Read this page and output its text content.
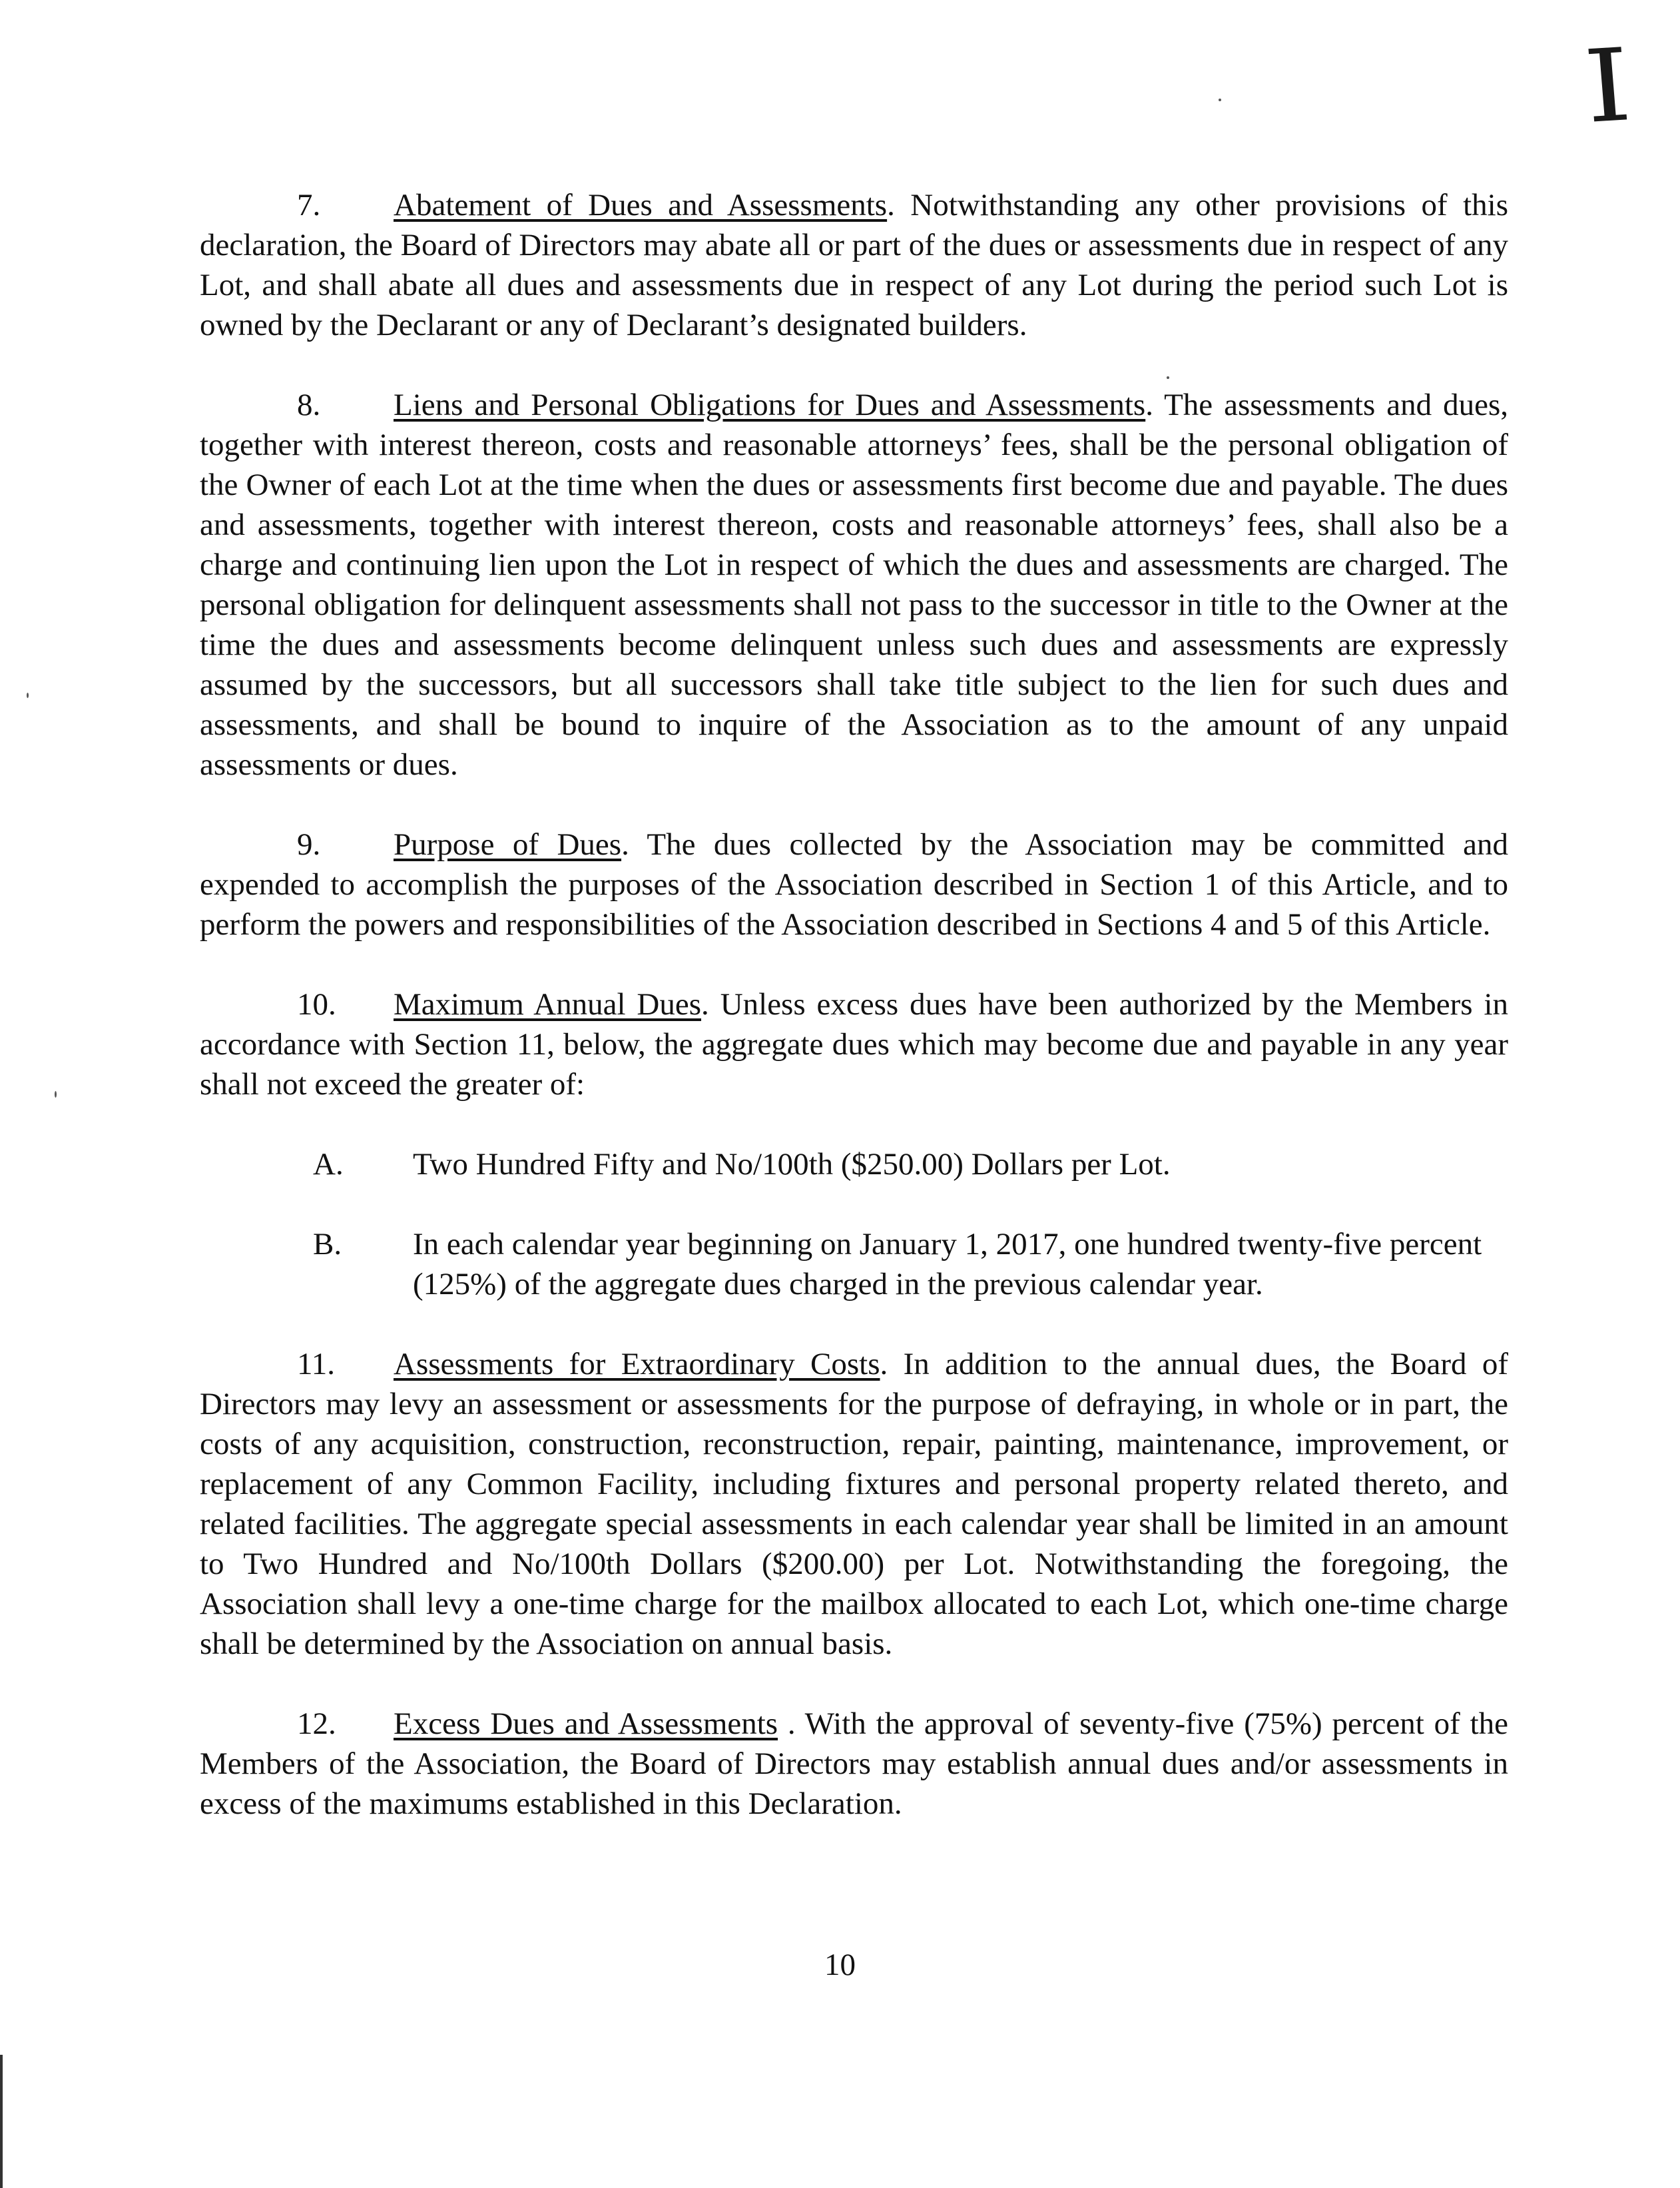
I

7. Abatement of Dues and Assessments. Notwithstanding any other provisions of this declaration, the Board of Directors may abate all or part of the dues or assessments due in respect of any Lot, and shall abate all dues and assessments due in respect of any Lot during the period such Lot is owned by the Declarant or any of Declarant’s designated builders.

8. Liens and Personal Obligations for Dues and Assessments. The assessments and dues, together with interest thereon, costs and reasonable attorneys’ fees, shall be the personal obligation of the Owner of each Lot at the time when the dues or assessments first become due and payable. The dues and assessments, together with interest thereon, costs and reasonable attorneys’ fees, shall also be a charge and continuing lien upon the Lot in respect of which the dues and assessments are charged. The personal obligation for delinquent assessments shall not pass to the successor in title to the Owner at the time the dues and assessments become delinquent unless such dues and assessments are expressly assumed by the successors, but all successors shall take title subject to the lien for such dues and assessments, and shall be bound to inquire of the Association as to the amount of any unpaid assessments or dues.

9. Purpose of Dues. The dues collected by the Association may be committed and expended to accomplish the purposes of the Association described in Section 1 of this Article, and to perform the powers and responsibilities of the Association described in Sections 4 and 5 of this Article.

10. Maximum Annual Dues. Unless excess dues have been authorized by the Members in accordance with Section 11, below, the aggregate dues which may become due and payable in any year shall not exceed the greater of:

A. Two Hundred Fifty and No/100th ($250.00) Dollars per Lot.
B. In each calendar year beginning on January 1, 2017, one hundred twenty-five percent (125%) of the aggregate dues charged in the previous calendar year.

11. Assessments for Extraordinary Costs. In addition to the annual dues, the Board of Directors may levy an assessment or assessments for the purpose of defraying, in whole or in part, the costs of any acquisition, construction, reconstruction, repair, painting, maintenance, improvement, or replacement of any Common Facility, including fixtures and personal property related thereto, and related facilities. The aggregate special assessments in each calendar year shall be limited in an amount to Two Hundred and No/100th Dollars ($200.00) per Lot. Notwithstanding the foregoing, the Association shall levy a one-time charge for the mailbox allocated to each Lot, which one-time charge shall be determined by the Association on annual basis.

12. Excess Dues and Assessments . With the approval of seventy-five (75%) percent of the Members of the Association, the Board of Directors may establish annual dues and/or assessments in excess of the maximums established in this Declaration.

10
